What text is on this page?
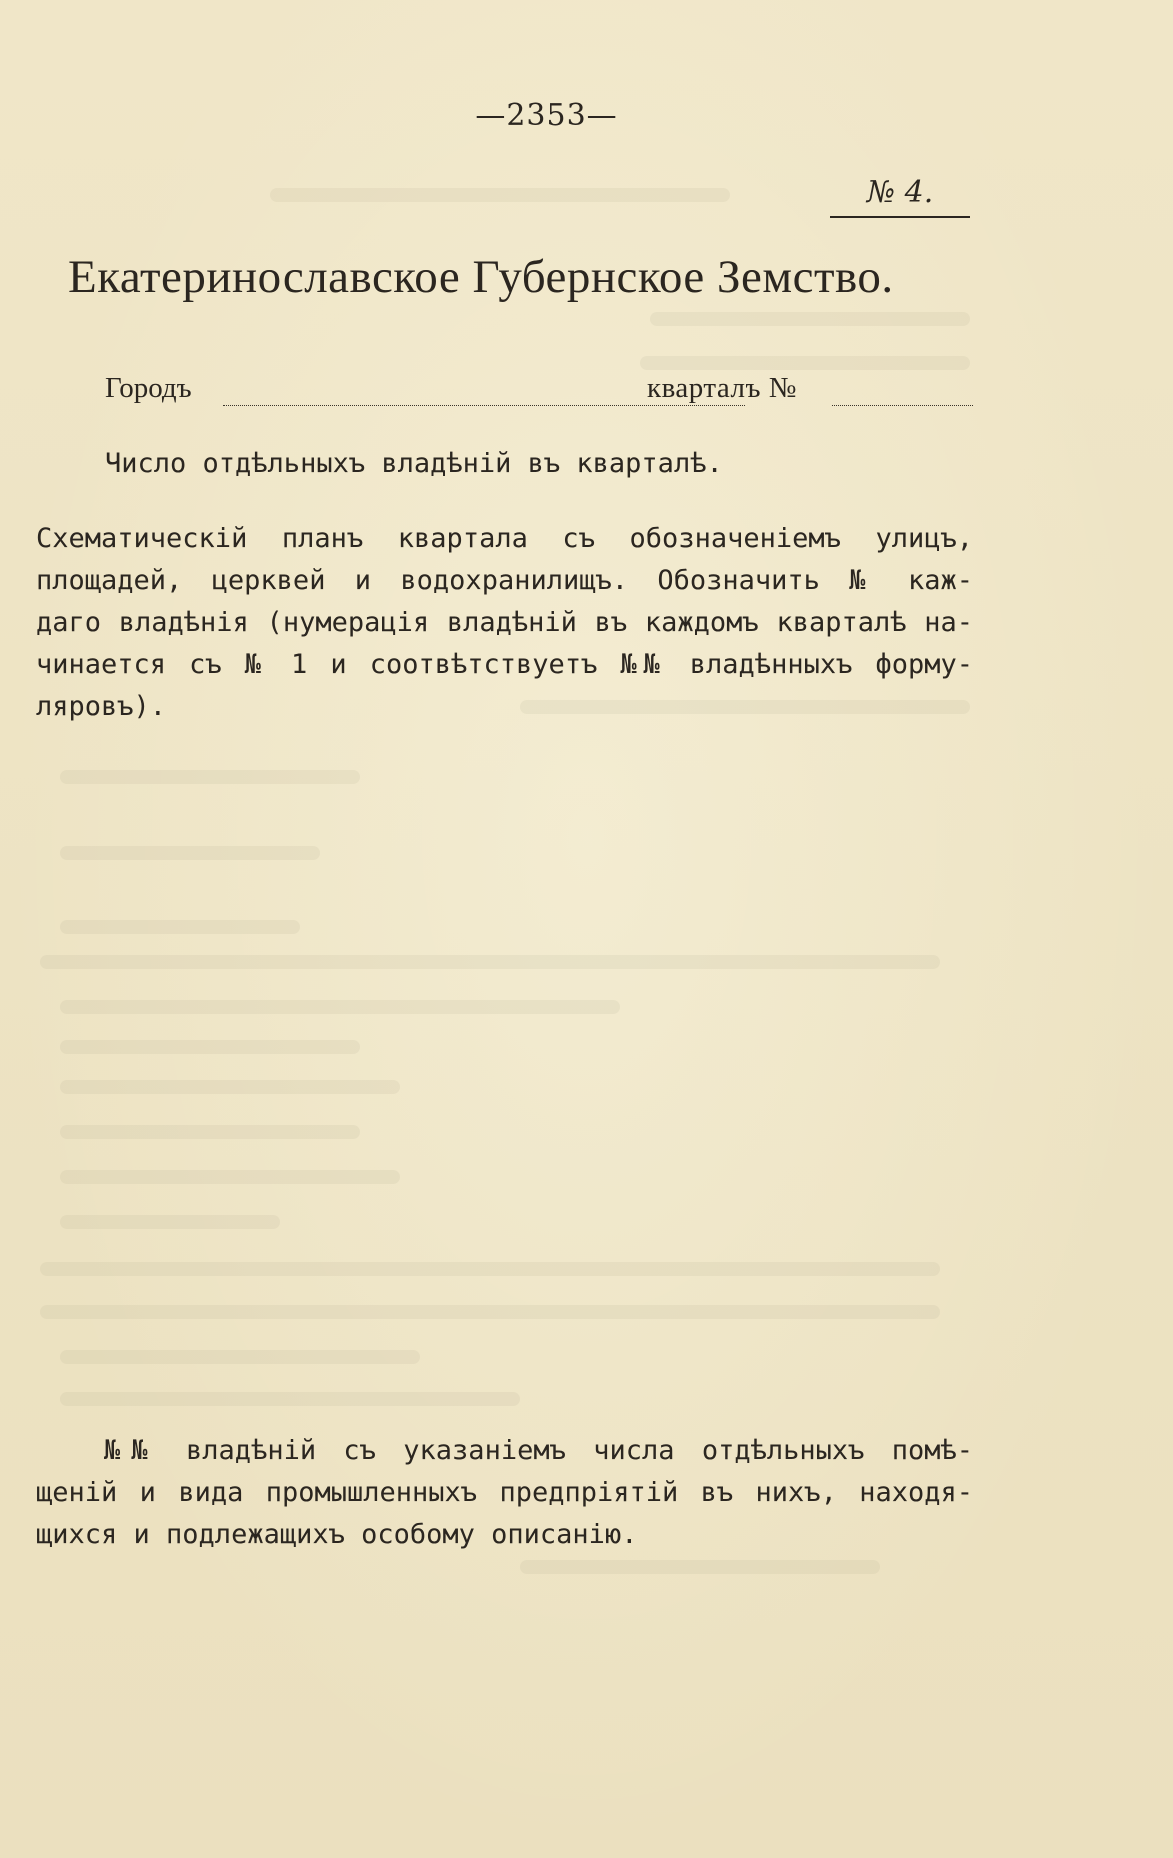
—2353—
№ 4.
Екатеринославское Губернское Земство.
Городъ	кварталъ №
Число отдѣльныхъ владѣній въ кварталѣ.
Схематическій планъ квартала съ обозначеніемъ улицъ,
площадей, церквей и водохранилищъ. Обозначить № каж-
даго владѣнія (нумерація владѣній въ каждомъ кварталѣ на-
чинается съ № 1 и соотвѣтствуетъ №№ владѣнныхъ форму-
ляровъ).
№№ владѣній съ указаніемъ числа отдѣльныхъ помѣ-
щеній и вида промышленныхъ предпріятій въ нихъ, находя-
щихся и подлежащихъ особому описанію.
